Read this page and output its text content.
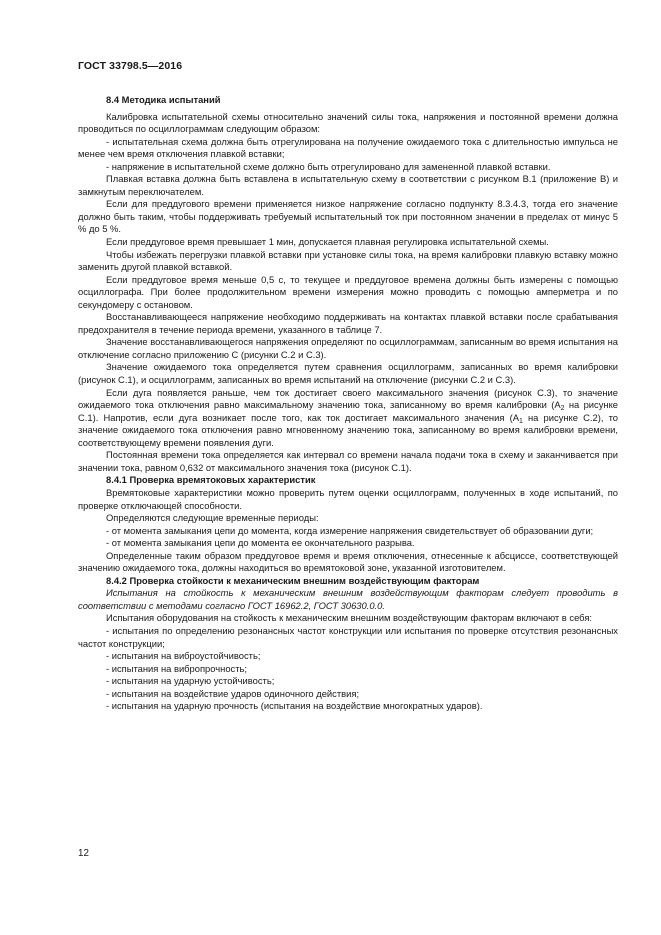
ГОСТ 33798.5—2016

8.4 Методика испытаний

Калибровка испытательной схемы относительно значений силы тока, напряжения и постоянной времени должна проводиться по осциллограммам следующим образом:

- испытательная схема должна быть отрегулирована на получение ожидаемого тока с длительностью импульса не менее чем время отключения плавкой вставки;

- напряжение в испытательной схеме должно быть отрегулировано для замененной плавкой вставки.

Плавкая вставка должна быть вставлена в испытательную схему в соответствии с рисунком В.1 (приложение В) и замкнутым переключателем.

Если для преддугового времени применяется низкое напряжение согласно подпункту 8.3.4.3, тогда его значение должно быть таким, чтобы поддерживать требуемый испытательный ток при постоянном значении в пределах от минус 5 % до 5 %.

Если преддуговое время превышает 1 мин, допускается плавная регулировка испытательной схемы.

Чтобы избежать перегрузки плавкой вставки при установке силы тока, на время калибровки плавкую вставку можно заменить другой плавкой вставкой.

Если преддуговое время меньше 0,5 с, то текущее и преддуговое времена должны быть измерены с помощью осциллографа. При более продолжительном времени измерения можно проводить с помощью амперметра и по секундомеру с остановом.

Восстанавливающееся напряжение необходимо поддерживать на контактах плавкой вставки после срабатывания предохранителя в течение периода времени, указанного в таблице 7.

Значение восстанавливающегося напряжения определяют по осциллограммам, записанным во время испытания на отключение согласно приложению С (рисунки С.2 и С.3).

Значение ожидаемого тока определяется путем сравнения осциллограмм, записанных во время калибровки (рисунок С.1), и осциллограмм, записанных во время испытаний на отключение (рисунки С.2 и С.3).

Если дуга появляется раньше, чем ток достигает своего максимального значения (рисунок С.3), то значение ожидаемого тока отключения равно максимальному значению тока, записанному во время калибровки ($A_2$ на рисунке С.1). Напротив, если дуга возникает после того, как ток достигает максимального значения ($A_1$ на рисунке С.2), то значение ожидаемого тока отключения равно мгновенному значению тока, записанному во время калибровки времени, соответствующему времени появления дуги.

Постоянная времени тока определяется как интервал со времени начала подачи тока в схему и заканчивается при значении тока, равном 0,632 от максимального значения тока (рисунок С.1).

8.4.1 Проверка времятоковых характеристик

Времятоковые характеристики можно проверить путем оценки осциллограмм, полученных в ходе испытаний, по проверке отключающей способности.

Определяются следующие временные периоды:

- от момента замыкания цепи до момента, когда измерение напряжения свидетельствует об образовании дуги;

- от момента замыкания цепи до момента ее окончательного разрыва.

Определенные таким образом преддуговое время и время отключения, отнесенные к абсциссе, соответствующей значению ожидаемого тока, должны находиться во времятоковой зоне, указанной изготовителем.

8.4.2 Проверка стойкости к механическим внешним воздействующим факторам

Испытания на стойкость к механическим внешним воздействующим факторам следует проводить в соответствии с методами согласно ГОСТ 16962.2, ГОСТ 30630.0.0.

Испытания оборудования на стойкость к механическим внешним воздействующим факторам включают в себя:

- испытания по определению резонансных частот конструкции или испытания по проверке отсутствия резонансных частот конструкции;

- испытания на виброустойчивость;

- испытания на вибропрочность;

- испытания на ударную устойчивость;

- испытания на воздействие ударов одиночного действия;

- испытания на ударную прочность (испытания на воздействие многократных ударов).

12
